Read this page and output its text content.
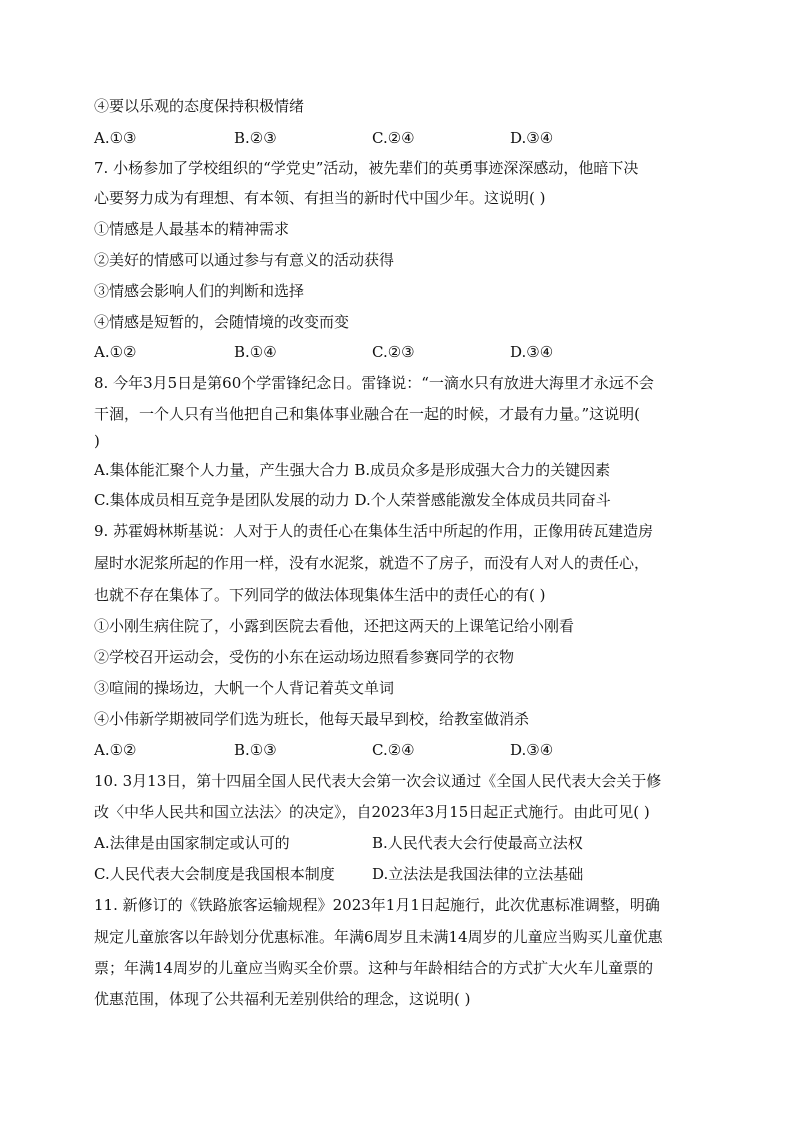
④要以乐观的态度保持积极情绪
A.①③	B.②③	C.②④	D.③④
7. 小杨参加了学校组织的“学党史”活动，被先辈们的英勇事迹深深感动，他暗下决
心要努力成为有理想、有本领、有担当的新时代中国少年。这说明( )
①情感是人最基本的精神需求
②美好的情感可以通过参与有意义的活动获得
③情感会影响人们的判断和选择
④情感是短暂的，会随情境的改变而变
A.①②	B.①④	C.②③	D.③④
8. 今年3月5日是第60个学雷锋纪念日。雷锋说：“一滴水只有放进大海里才永远不会
干涸，一个人只有当他把自己和集体事业融合在一起的时候，才最有力量。”这说明(
)
A.集体能汇聚个人力量，产生强大合力 B.成员众多是形成强大合力的关键因素
C.集体成员相互竞争是团队发展的动力 D.个人荣誉感能激发全体成员共同奋斗
9. 苏霍姆林斯基说：人对于人的责任心在集体生活中所起的作用，正像用砖瓦建造房
屋时水泥浆所起的作用一样，没有水泥浆，就造不了房子，而没有人对人的责任心，
也就不存在集体了。下列同学的做法体现集体生活中的责任心的有( )
①小刚生病住院了，小露到医院去看他，还把这两天的上课笔记给小刚看
②学校召开运动会，受伤的小东在运动场边照看参赛同学的衣物
③喧闹的操场边，大帆一个人背记着英文单词
④小伟新学期被同学们选为班长，他每天最早到校，给教室做消杀
A.①②	B.①③	C.②④	D.③④
10. 3月13日，第十四届全国人民代表大会第一次会议通过《全国人民代表大会关于修
改〈中华人民共和国立法法〉的决定》，自2023年3月15日起正式施行。由此可见( )
A.法律是由国家制定或认可的	B.人民代表大会行使最高立法权
C.人民代表大会制度是我国根本制度 D.立法法是我国法律的立法基础
11. 新修订的《铁路旅客运输规程》2023年1月1日起施行，此次优惠标准调整，明确
规定儿童旅客以年龄划分优惠标准。年满6周岁且未满14周岁的儿童应当购买儿童优惠
票；年满14周岁的儿童应当购买全价票。这种与年龄相结合的方式扩大火车儿童票的
优惠范围，体现了公共福利无差别供给的理念，这说明( )
